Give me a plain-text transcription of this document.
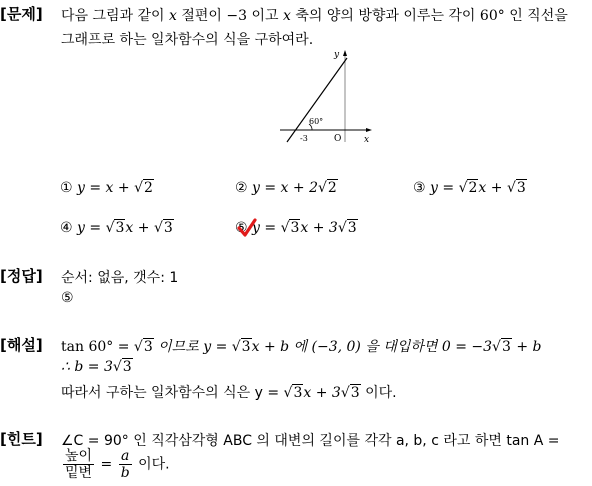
[문제] 다음 그림과 같이 x 절편이 −3 이고 x 축의 양의 방향과 이루는 각이 60° 인 직선을
그래프로 하는 일차함수의 식을 구하여라.
y
x
60°
-3	O
① y = x + √2	② y = x + 2√2	③ y = √2x + √3
④ y = √3x + √3	⑤ y = √3x + 3√3
[정답] 순서: 없음, 갯수: 1
⑤
[해설] tan 60° = √3 이므로 y = √3x + b 에 (−3, 0) 을 대입하면 0 = −3√3 + b
∴ b = 3√3
따라서 구하는 일차함수의 식은 y = √3x + 3√3 이다.
[힌트] ∠C = 90° 인 직각삼각형 ABC 의 대변의 길이를 각각 a, b, c 라고 하면 tan A =
$\frac{\text{높이}}{\text{밑변}} = \frac{a}{b}$ 이다.
